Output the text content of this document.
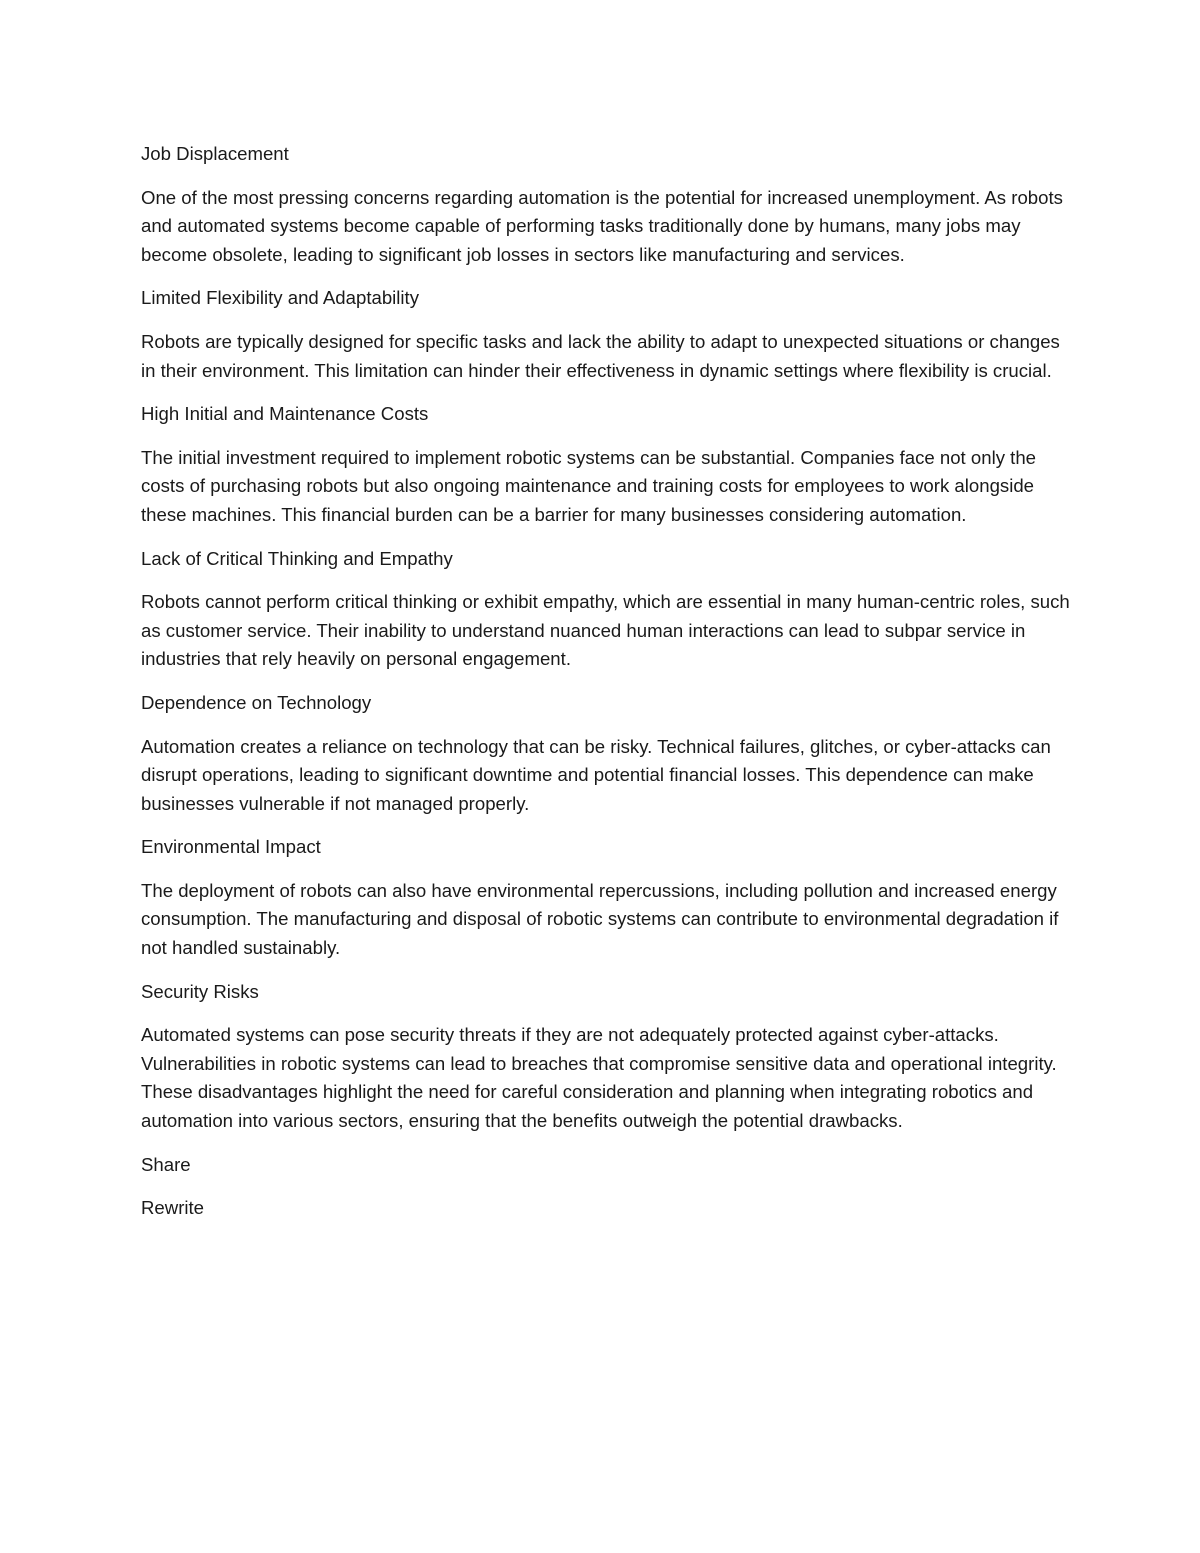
Job Displacement

One of the most pressing concerns regarding automation is the potential for increased unemployment. As robots and automated systems become capable of performing tasks traditionally done by humans, many jobs may become obsolete, leading to significant job losses in sectors like manufacturing and services.

Limited Flexibility and Adaptability

Robots are typically designed for specific tasks and lack the ability to adapt to unexpected situations or changes in their environment. This limitation can hinder their effectiveness in dynamic settings where flexibility is crucial.

High Initial and Maintenance Costs

The initial investment required to implement robotic systems can be substantial. Companies face not only the costs of purchasing robots but also ongoing maintenance and training costs for employees to work alongside these machines. This financial burden can be a barrier for many businesses considering automation.

Lack of Critical Thinking and Empathy

Robots cannot perform critical thinking or exhibit empathy, which are essential in many human-centric roles, such as customer service. Their inability to understand nuanced human interactions can lead to subpar service in industries that rely heavily on personal engagement.

Dependence on Technology

Automation creates a reliance on technology that can be risky. Technical failures, glitches, or cyber-attacks can disrupt operations, leading to significant downtime and potential financial losses. This dependence can make businesses vulnerable if not managed properly.

Environmental Impact

The deployment of robots can also have environmental repercussions, including pollution and increased energy consumption. The manufacturing and disposal of robotic systems can contribute to environmental degradation if not handled sustainably.

Security Risks

Automated systems can pose security threats if they are not adequately protected against cyber-attacks. Vulnerabilities in robotic systems can lead to breaches that compromise sensitive data and operational integrity. These disadvantages highlight the need for careful consideration and planning when integrating robotics and automation into various sectors, ensuring that the benefits outweigh the potential drawbacks.

Share

Rewrite
